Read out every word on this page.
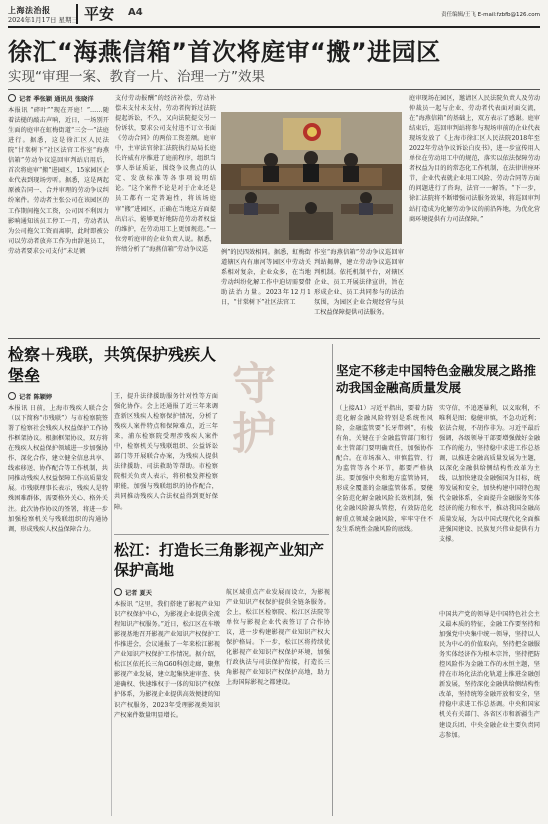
上海法治报
2024年1月17日 星期三 平安 A4	责任编辑/王飞 E-mail:fzbfb@126.com
徐汇“海燕信箱”首次将庭审“搬”进园区
实现“审理一案、教育一片、治理一方”效果
记者 季张颖 通讯员 张晓洋
本报讯 “碎叶”“现在开庭！”……随着法槌的敲击声响，近日，一场别开生面的庭审在虹梅街道“三会一”法庭进行。据悉，这是徐汇区人民法院“甘棠树下”社区法官工作室“海燕信箱”劳动争议巡回审判站启用后，首次将庭审“搬”进园区，15家园区企业代表到现场旁听。据悉，这是两起原被告同一、合并审理的劳动争议纠纷案件。劳动者主张公司在该园区的工作期间拖欠工资，公司因不利因力影响通知该员工停工一月，劳动者认为公司拖欠工资而离职，此时即被公司以劳动者放弃工作为由辞退员工，劳动者要求公司支付“未足额
支付劳动报酬”的经济补偿，劳动补偿未支付未支付，劳动者拘诉过法院提起诉讼，不久，又向法院提交另一份诉状，要求公司支付违不订立书面《劳动合同》的两倍工资差额。庭审中，主审法官徐汇法院执行局局长庭长许威有序推进了庭前程序，组织当事人举证质证，围绕争议焦点的认定、发放标准等各事项说明结论。“这个案件不论是对于企业还是员工都有一定普遍性，将该场庭审“搬”进园区，正确在当地这方面提出启示，能够更好地防范劳动者权益的维护，在劳动用工上更加规范。”一位旁听庭审的企业负责人说。据悉，许绩分析了“海燕信箱”劳动争议巡	例”的民四效相同。据悉，虹梅街道辖区内有康河等园区中劳动关系相对复杂，企业众多，在当地劳动纠纷化解工作中迫切需要借助法治力量。2023年12月1日，“甘棠树下”社区法官工
作室“海燕信箱”劳动争议巡回审判站揭牌，建立劳动争议巡回审判机制。依托机制平台，对辖区企业、员工开展法律宣讲，旨在形成企业、员工共同参与的法治氛围，为园区企业合规经营与员工权益保障提供司法服务。
庭审现场在园区，邀请区人民法院负责人及劳动仲裁员一起与企业、劳动者代表面对面交流，在“海燕信箱”的基础上，双方表示了感谢。庭审结束后，巡回审判站将参与现场审前的企业代表现场发放了《上海市徐汇区人民法院2018年至2022年劳动争议诉讼白皮书》，进一步宣传用人单位在劳动用工中的规范，落实以依法保障劳动者权益为目的的常态化工作机制，在法律讲座环节，企业代表就企业用工风险、劳动合同等方面的问题进行了咨询，法官一一解答。“下一步，徐汇法院将不断增强司法服务效果，将巡回审判站打造成为化解劳动争议的前沿阵地，为优化营商环境提供有力司法保障。”
检察＋残联，共筑保护残疾人堡垒
记者 陈颖婷
本报讯 日前，上海市残疾人联合会（以下简称“市残联”）与市检察院签署了检察社会残疾人权益保护工作协作框架协议。根据框架协议，双方将在残疾人权益保护领域进一步加强协作、深化合作，建立健全信息共享、线索移送、协作配合等工作机制，共同推动残疾人权益保障工作高质量发展。市残联理事长表示，残疾人是特殊困难群体，需要格外关心、格外关注。此次协作协议的签署，将进一步加强检察机关与残联组织的沟通协调，形成残疾人权益保障合力。
王，提升法律援助服务针对性等方面强化协作。会上还通报了近三年来调查新区残疾人检察保护情况，分析了残疾人案件特点和保障难点，近三年来，浦东检察院受理涉残疾人案件中，检察机关与残联组织、公益诉讼部门等开展联合办案，为残疾人提供法律援助、司法救助等帮助。市检察院相关负责人表示，将积极发挥检察职能，加强与残联组织的协作配合，共同推动残疾人合法权益得到更好保障。
守护
松江：打造长三角影视产业知产保护高地
记者 夏天
本报讯 “这里，我们搭建了影视产业知识产权保护中心，为影视企业提供全流程知识产权服务。”近日，松江区在车墩影视基地召开影视产业知识产权保护工作推进会，会议通报了一年来松江影视产业知识产权保护工作情况。据介绍，松江区依托长三角G60科创走廊，聚焦影视产业发展，建立起集快速审查、快速确权、快速维权于一体的知识产权保护体系，为影视企业提供高效便捷的知识产权服务，2023年受理影视类知识产权案件数量明显增长。
航区域重点产业发展而设立，为影视产业知识产权保护提供全链条服务。会上，松江区检察院、松江区法院等单位与影视企业代表签订了合作协议，进一步构建影视产业知识产权大保护格局。下一步，松江区将持续优化影视产业知识产权保护环境，加强行政执法与司法保护衔接，打造长三角影视产业知识产权保护高地，助力上海国际影视之都建设。
坚定不移走中国特色金融发展之路推动我国金融高质量发展
（上接A1）习近平指出，要着力防范化解金融风险特别是系统性风险，金融监管要“长牙带刺”，有棱有角，关键在于金融监管部门和行业主管部门要明确责任，加强协作配合。在市场准入、审慎监管、行为监管等各个环节，都要严格执法。要加强中央和地方监管协同，形成全覆盖的金融监管体系。要健全防范化解金融风险长效机制，强化金融风险源头管控，有效防范化解重点领域金融风险，牢牢守住不发生系统性金融风险的底线。
实守信，不追逐暴利，以义取利，不唯利是图；稳健审慎，不急功近利；依法合规，不胡作非为。习近平最后强调，各级领导干部要增强做好金融工作的能力，坚持稳中求进工作总基调，以推进金融高质量发展为主题，以深化金融供给侧结构性改革为主线，以加快建设金融强国为目标，统筹发展和安全，加快构建中国特色现代金融体系，全面提升金融服务实体经济的能力和水平，推动我国金融高质量发展，为以中国式现代化全面推进强国建设、民族复兴伟业提供有力支撑。
中国共产党的领导是中国特色社会主义最本质的特征，金融工作要坚持和加强党中央集中统一领导，坚持以人民为中心的价值取向，坚持把金融服务实体经济作为根本宗旨，坚持把防控风险作为金融工作的永恒主题，坚持在市场化法治化轨道上推进金融创新发展，坚持深化金融供给侧结构性改革，坚持统筹金融开放和安全，坚持稳中求进工作总基调。中央和国家机关有关部门、各省区市和新疆生产建设兵团、中央金融企业主要负责同志参加。
